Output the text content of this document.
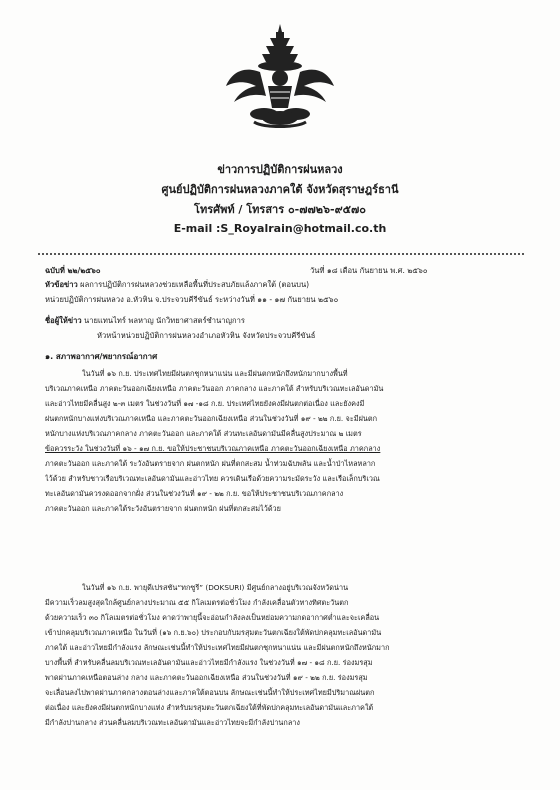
ข่าวการปฏิบัติการฝนหลวง
ศูนย์ปฏิบัติการฝนหลวงภาคใต้ จังหวัดสุราษฎร์ธานี
โทรศัพท์ / โทรสาร ๐-๗๗๒๖-๙๕๗๐
E-mail :S_Royalrain@hotmail.co.th
ฉบับที่ ๒๒/๒๕๖๐	วันที่ ๑๘ เดือน กันยายน พ.ศ. ๒๕๖๐
หัวข้อข่าว ผลการปฏิบัติการฝนหลวงช่วยเหลือพื้นที่ประสบภัยแล้งภาคใต้ (ตอนบน)
หน่วยปฏิบัติการฝนหลวง อ.หัวหิน จ.ประจวบคีรีขันธ์ ระหว่างวันที่ ๑๑ - ๑๗ กันยายน ๒๕๖๐
ชื่อผู้ให้ข่าว นายแทนไทร์ พลหาญ นักวิทยาศาสตร์ชำนาญการ
หัวหน้าหน่วยปฏิบัติการฝนหลวงอำเภอหัวหิน จังหวัดประจวบคีรีขันธ์
๑. สภาพอากาศ/พยากรณ์อากาศ
ในวันที่ ๑๖ ก.ย. ประเทศไทยมีฝนตกชุกหนาแน่น และมีฝนตกหนักถึงหนักมากบางพื้นที่
บริเวณภาคเหนือ ภาคตะวันออกเฉียงเหนือ ภาคตะวันออก ภาคกลาง และภาคใต้ สำหรับบริเวณทะเลอันดามัน
และอ่าวไทยมีคลื่นสูง ๒-๓ เมตร ในช่วงวันที่ ๑๗ -๑๘ ก.ย. ประเทศไทยยังคงมีฝนตกต่อเนื่อง และยังคงมี
ฝนตกหนักบางแห่งบริเวณภาคเหนือ และภาคตะวันออกเฉียงเหนือ ส่วนในช่วงวันที่ ๑๙ - ๒๒ ก.ย. จะมีฝนตก
หนักบางแห่งบริเวณภาคกลาง ภาคตะวันออก และภาคใต้ ส่วนทะเลอันดามันมีคลื่นสูงประมาณ ๒ เมตร
ข้อควรระวัง ในช่วงวันที่ ๑๖ - ๑๗ ก.ย. ขอให้ประชาชนบริเวณภาคเหนือ ภาคตะวันออกเฉียงเหนือ ภาคกลาง
ภาคตะวันออก และภาคใต้ ระวังอันตรายจาก ฝนตกหนัก ฝนที่ตกสะสม น้ำท่วมฉับพลัน และน้ำป่าไหลหลาก
ไว้ด้วย สำหรับชาวเรือบริเวณทะเลอันดามันและอ่าวไทย ควรเดินเรือด้วยความระมัดระวัง และเรือเล็กบริเวณ
ทะเลอันดามันควรงดออกจากฝั่ง ส่วนในช่วงวันที่ ๑๙ - ๒๒ ก.ย. ขอให้ประชาชนบริเวณภาคกลาง
ภาคตะวันออก และภาคใต้ระวังอันตรายจาก ฝนตกหนัก ฝนที่ตกสะสมไว้ด้วย
ในวันที่ ๑๖ ก.ย. พายุดีเปรสชัน“ทกซูรี” (DOKSURI) มีศูนย์กลางอยู่บริเวณจังหวัดน่าน
มีความเร็วลมสูงสุดใกล้ศูนย์กลางประมาณ ๕๕ กิโลเมตรต่อชั่วโมง กำลังเคลื่อนตัวทางทิศตะวันตก
ด้วยความเร็ว ๓๐ กิโลเมตรต่อชั่วโมง คาดว่าพายุนี้จะอ่อนกำลังลงเป็นหย่อมความกดอากาศต่ำและจะเคลื่อน
เข้าปกคลุมบริเวณภาคเหนือ ในวันที่ (๑๖ ก.ย.๖๐) ประกอบกับมรสุมตะวันตกเฉียงใต้พัดปกคลุมทะเลอันดามัน
ภาคใต้ และอ่าวไทยมีกำลังแรง ลักษณะเช่นนี้ทำให้ประเทศไทยมีฝนตกชุกหนาแน่น และมีฝนตกหนักถึงหนักมาก
บางพื้นที่ สำหรับคลื่นลมบริเวณทะเลอันดามันและอ่าวไทยมีกำลังแรง ในช่วงวันที่ ๑๗ - ๑๘ ก.ย. ร่องมรสุม
พาดผ่านภาคเหนือตอนล่าง กลาง และภาคตะวันออกเฉียงเหนือ ส่วนในช่วงวันที่ ๑๙ - ๒๒ ก.ย. ร่องมรสุม
จะเลื่อนลงไปพาดผ่านภาคกลางตอนล่างและภาคใต้ตอนบน ลักษณะเช่นนี้ทำให้ประเทศไทยมีปริมาณฝนตก
ต่อเนื่อง และยังคงมีฝนตกหนักบางแห่ง สำหรับมรสุมตะวันตกเฉียงใต้ที่พัดปกคลุมทะเลอันดามันและภาคใต้
มีกำลังปานกลาง ส่วนคลื่นลมบริเวณทะเลอันดามันและอ่าวไทยจะมีกำลังปานกลาง
